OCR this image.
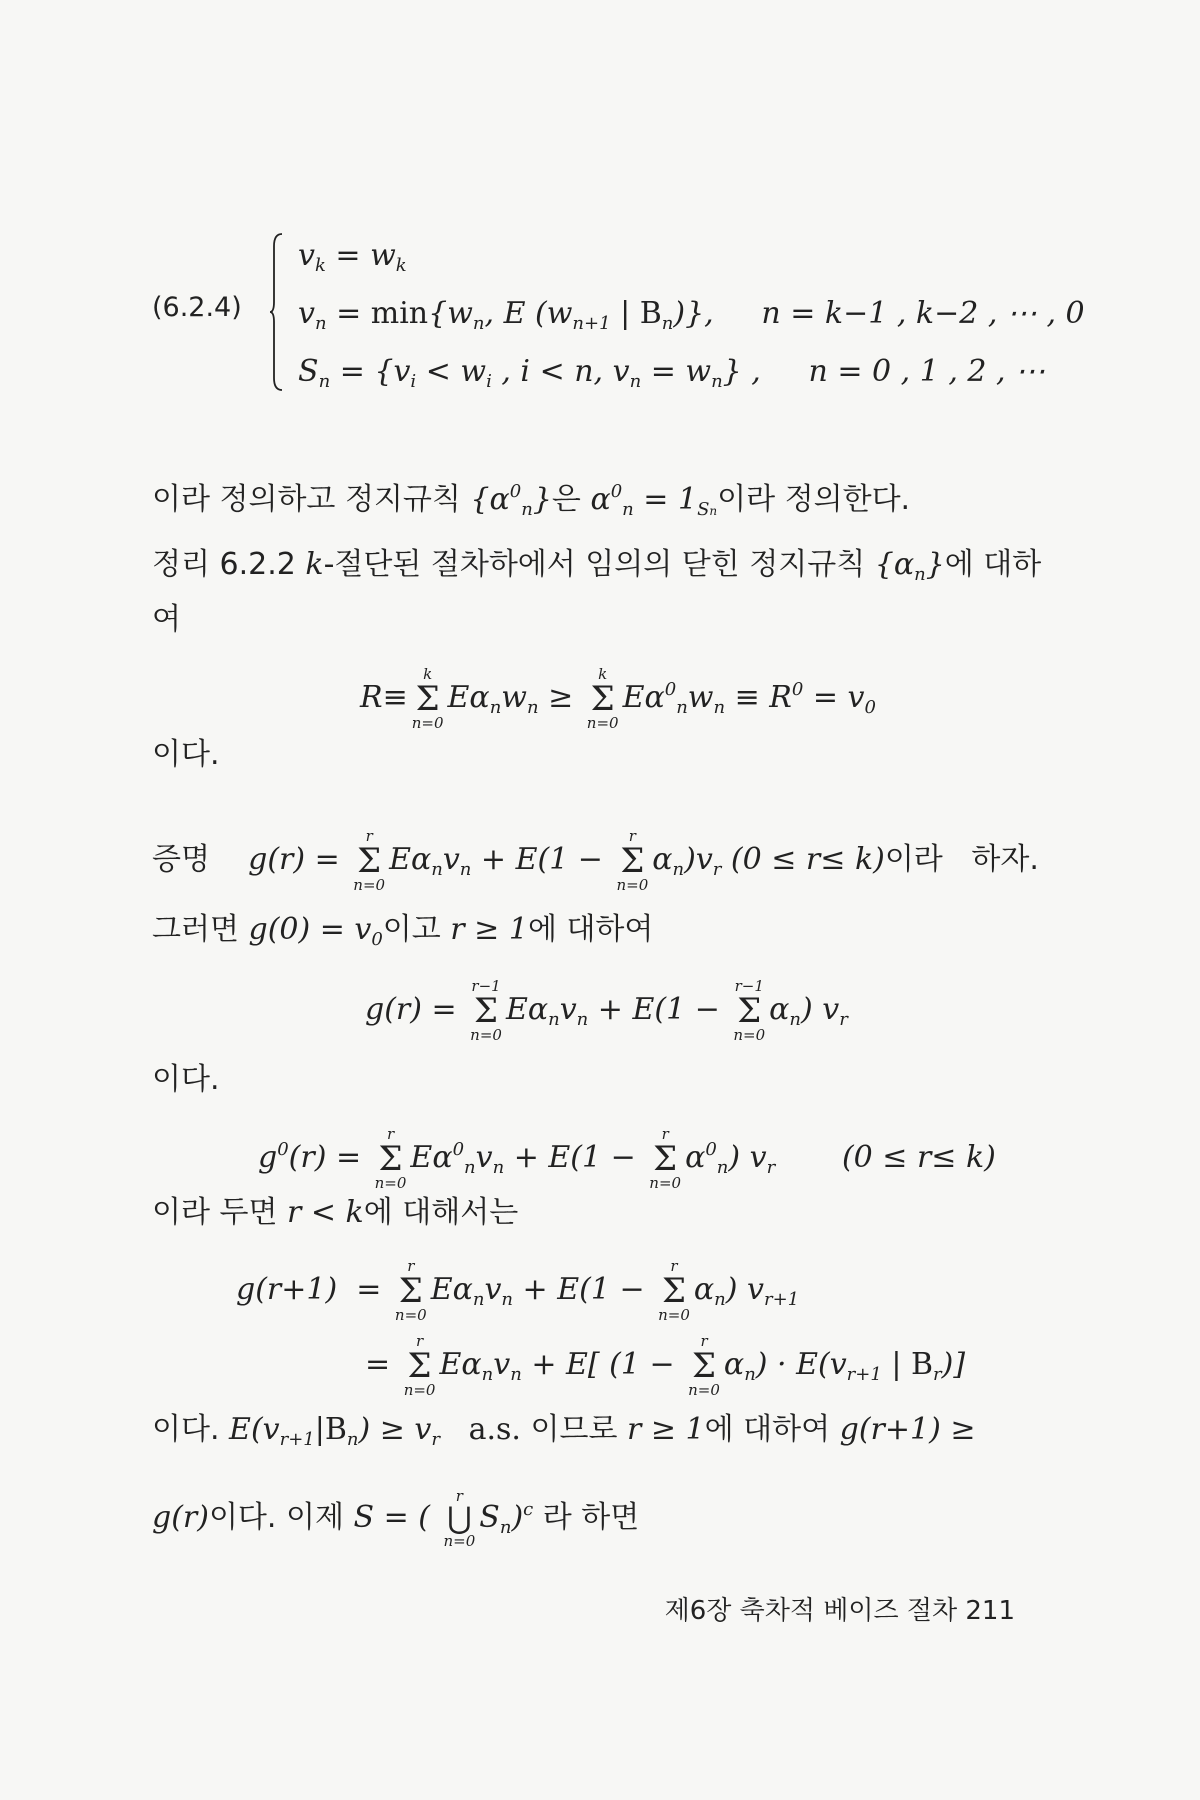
(6.2.4)
$v_k = w_k$
$v_n = \min\{w_n$, E ($w_{n+1}$ | $B_n$)},     n = k−1 , k−2 , ⋯ , 0
$S_n = \{v_i < w_i$ , i < n, $v_n = w_n$} ,     n = 0 , 1 , 2 , ⋯
이라 정의하고 정지규칙 $\{\alpha^0_n\}$은 $\alpha^0_n = 1_{Sn}$이라 정의한다.
정리 6.2.2 k-절단된 절차하에서 임의의 닫힌 정지규칙 $\{\alpha_n\}$에 대하
여
R≡
k
Σ
n=0
$E\alpha_nw_n$ ≥
k
Σ
n=0
$E\alpha^0_nw_n \equiv R^0 = v_0$
이다.
증명    g(r) =
r
Σ
n=0
$E\alpha_nv_n + E(1$ −
r
Σ
n=0
$\alpha_n)v_r$ (0 ≤ r≤ k)이라   하자.
그러면 $g(0) = v_0$이고 r ≥ 1에 대하여
g(r) =
r−1
Σ
n=0
$E\alpha_nv_n + E(1$ −
r−1
Σ
n=0
$\alpha_n$) $v_r$
이다.
$g^0(r)$ =
r
Σ
n=0
$E\alpha^0_nv_n + E(1$ −
r
Σ
n=0
$\alpha^0_n$) $v_r$       (0 ≤ r≤ k)
이라 두면 r < k에 대해서는
g(r+1)  =
r
Σ
n=0
$E\alpha_nv_n + E(1$ −
r
Σ
n=0
$\alpha_n$) $v_{r+1}$
=
r
Σ
n=0
$E\alpha_nv_n + E$[ (1 −
r
Σ
n=0
$\alpha_n) \cdot E(v_{r+1}$ | $B_r$)]
이다. $E(v_{r+1}|B_n) \ge v_r$ a.s. 이므로 r ≥ 1에 대하여 g(r+1) ≥
g(r)이다. 이제 S = (
r
⋃
n=0
$S_n)^c$ 라 하면
제6장 축차적 베이즈 절차 211
